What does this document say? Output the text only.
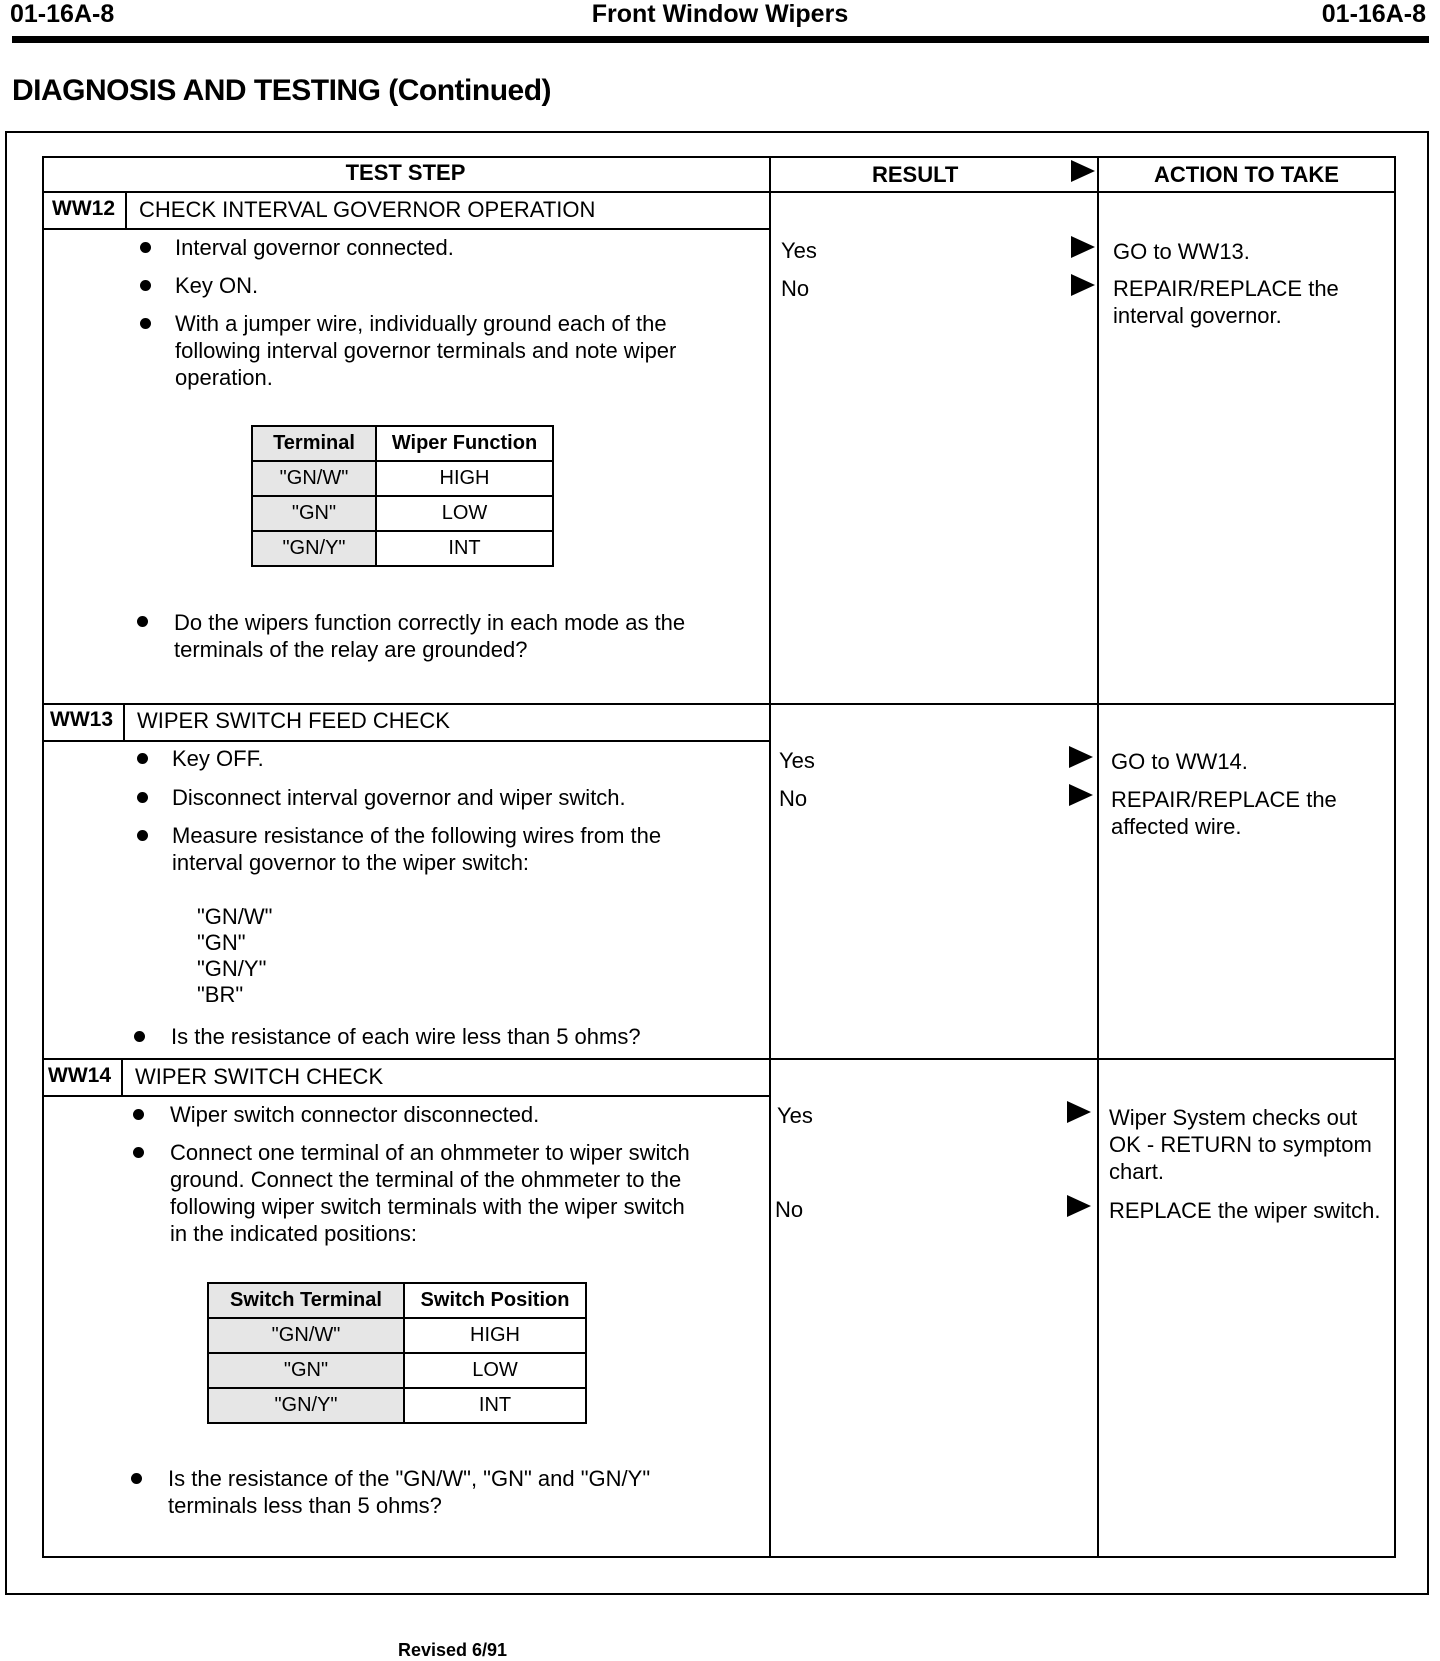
01-16A-8	Front Window Wipers	01-16A-8
DIAGNOSIS AND TESTING (Continued)
TEST STEP	RESULT	ACTION TO TAKE
WW12 CHECK INTERVAL GOVERNOR OPERATION
Interval governor connected.
Key ON.
With a jumper wire, individually ground each of the following interval governor terminals and note wiper operation.
Terminal	Wiper Function
"GN/W"	HIGH
"GN"	LOW
"GN/Y"	INT
Do the wipers function correctly in each mode as the terminals of the relay are grounded?
Yes	GO to WW13.
No	REPAIR/REPLACE the interval governor.
WW13 WIPER SWITCH FEED CHECK
Key OFF.
Disconnect interval governor and wiper switch.
Measure resistance of the following wires from the interval governor to the wiper switch:
"GN/W"
"GN"
"GN/Y"
"BR"
Is the resistance of each wire less than 5 ohms?
Yes	GO to WW14.
No	REPAIR/REPLACE the affected wire.
WW14 WIPER SWITCH CHECK
Wiper switch connector disconnected.
Connect one terminal of an ohmmeter to wiper switch ground. Connect the terminal of the ohmmeter to the following wiper switch terminals with the wiper switch in the indicated positions:
Switch Terminal	Switch Position
"GN/W"	HIGH
"GN"	LOW
"GN/Y"	INT
Is the resistance of the "GN/W", "GN" and "GN/Y" terminals less than 5 ohms?
Yes	Wiper System checks out OK - RETURN to symptom chart.
No	REPLACE the wiper switch.
Revised 6/91
